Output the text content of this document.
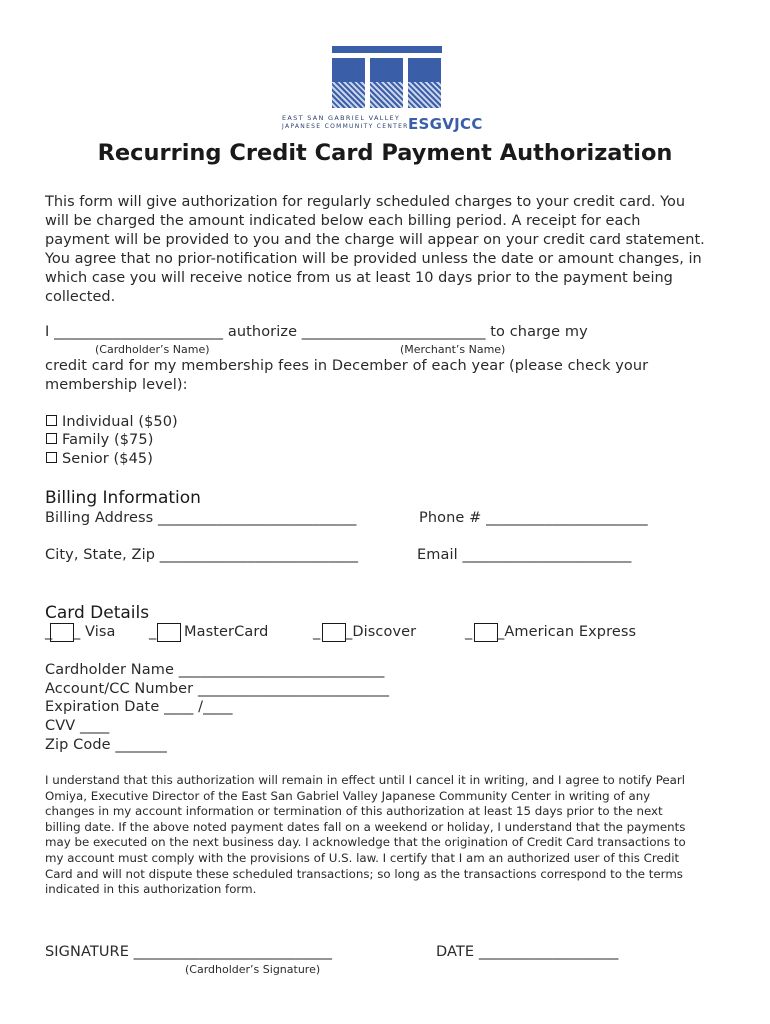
EAST SAN GABRIEL VALLEY
JAPANESE COMMUNITY CENTER ESGVJCC
Recurring Credit Card Payment Authorization
This form will give authorization for regularly scheduled charges to your credit card. You
will be charged the amount indicated below each billing period. A receipt for each
payment will be provided to you and the charge will appear on your credit card statement.
You agree that no prior-notification will be provided unless the date or amount changes, in
which case you will receive notice from us at least 10 days prior to the payment being
collected.
I _______________________ authorize _________________________ to charge my
(Cardholder’s Name)	(Merchant’s Name)
credit card for my membership fees in December of each year (please check your
membership level):
Individual ($50)
Family ($75)
Senior ($45)
Billing Information
Billing Address ___________________________	Phone # ______________________
City, State, Zip ___________________________	Email _______________________
Card Details
_ _ Visa _ MasterCard	_ _Discover	_ _American Express
Cardholder Name ____________________________
Account/CC Number __________________________
Expiration Date ____ /____
CVV ____
Zip Code _______
I understand that this authorization will remain in effect until I cancel it in writing, and I agree to notify Pearl
Omiya, Executive Director of the East San Gabriel Valley Japanese Community Center in writing of any
changes in my account information or termination of this authorization at least 15 days prior to the next
billing date. If the above noted payment dates fall on a weekend or holiday, I understand that the payments
may be executed on the next business day. I acknowledge that the origination of Credit Card transactions to
my account must comply with the provisions of U.S. law. I certify that I am an authorized user of this Credit
Card and will not dispute these scheduled transactions; so long as the transactions correspond to the terms
indicated in this authorization form.
SIGNATURE ___________________________
(Cardholder’s Signature)
DATE ___________________
